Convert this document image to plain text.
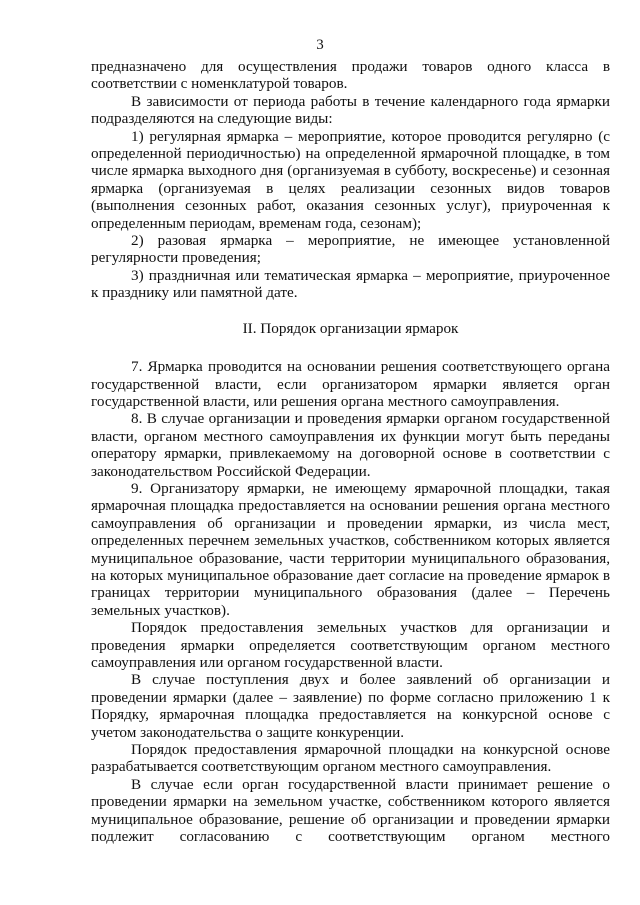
3

предназначено для осуществления продажи товаров одного класса в соответствии с номенклатурой товаров.

В зависимости от периода работы в течение календарного года ярмарки подразделяются на следующие виды:

1) регулярная ярмарка – мероприятие, которое проводится регулярно (с определенной периодичностью) на определенной ярмарочной площадке, в том числе ярмарка выходного дня (организуемая в субботу, воскресенье) и сезонная ярмарка (организуемая в целях реализации сезонных видов товаров (выполнения сезонных работ, оказания сезонных услуг), приуроченная к определенным периодам, временам года, сезонам);

2) разовая ярмарка – мероприятие, не имеющее установленной регулярности проведения;

3) праздничная или тематическая ярмарка – мероприятие, приуроченное к празднику или памятной дате.

II. Порядок организации ярмарок

7. Ярмарка проводится на основании решения соответствующего органа государственной власти, если организатором ярмарки является орган государственной власти, или решения органа местного самоуправления.

8. В случае организации и проведения ярмарки органом государственной власти, органом местного самоуправления их функции могут быть переданы оператору ярмарки, привлекаемому на договорной основе в соответствии с законодательством Российской Федерации.

9. Организатору ярмарки, не имеющему ярмарочной площадки, такая ярмарочная площадка предоставляется на основании решения органа местного самоуправления об организации и проведении ярмарки, из числа мест, определенных перечнем земельных участков, собственником которых является муниципальное образование, части территории муниципального образования, на которых муниципальное образование дает согласие на проведение ярмарок в границах территории муниципального образования (далее – Перечень земельных участков).

Порядок предоставления земельных участков для организации и проведения ярмарки определяется соответствующим органом местного самоуправления или органом государственной власти.

В случае поступления двух и более заявлений об организации и проведении ярмарки (далее – заявление) по форме согласно приложению 1 к Порядку, ярмарочная площадка предоставляется на конкурсной основе с учетом законодательства о защите конкуренции.

Порядок предоставления ярмарочной площадки на конкурсной основе разрабатывается соответствующим органом местного самоуправления.

В случае если орган государственной власти принимает решение о проведении ярмарки на земельном участке, собственником которого является муниципальное образование, решение об организации и проведении ярмарки подлежит согласованию с соответствующим органом местного
